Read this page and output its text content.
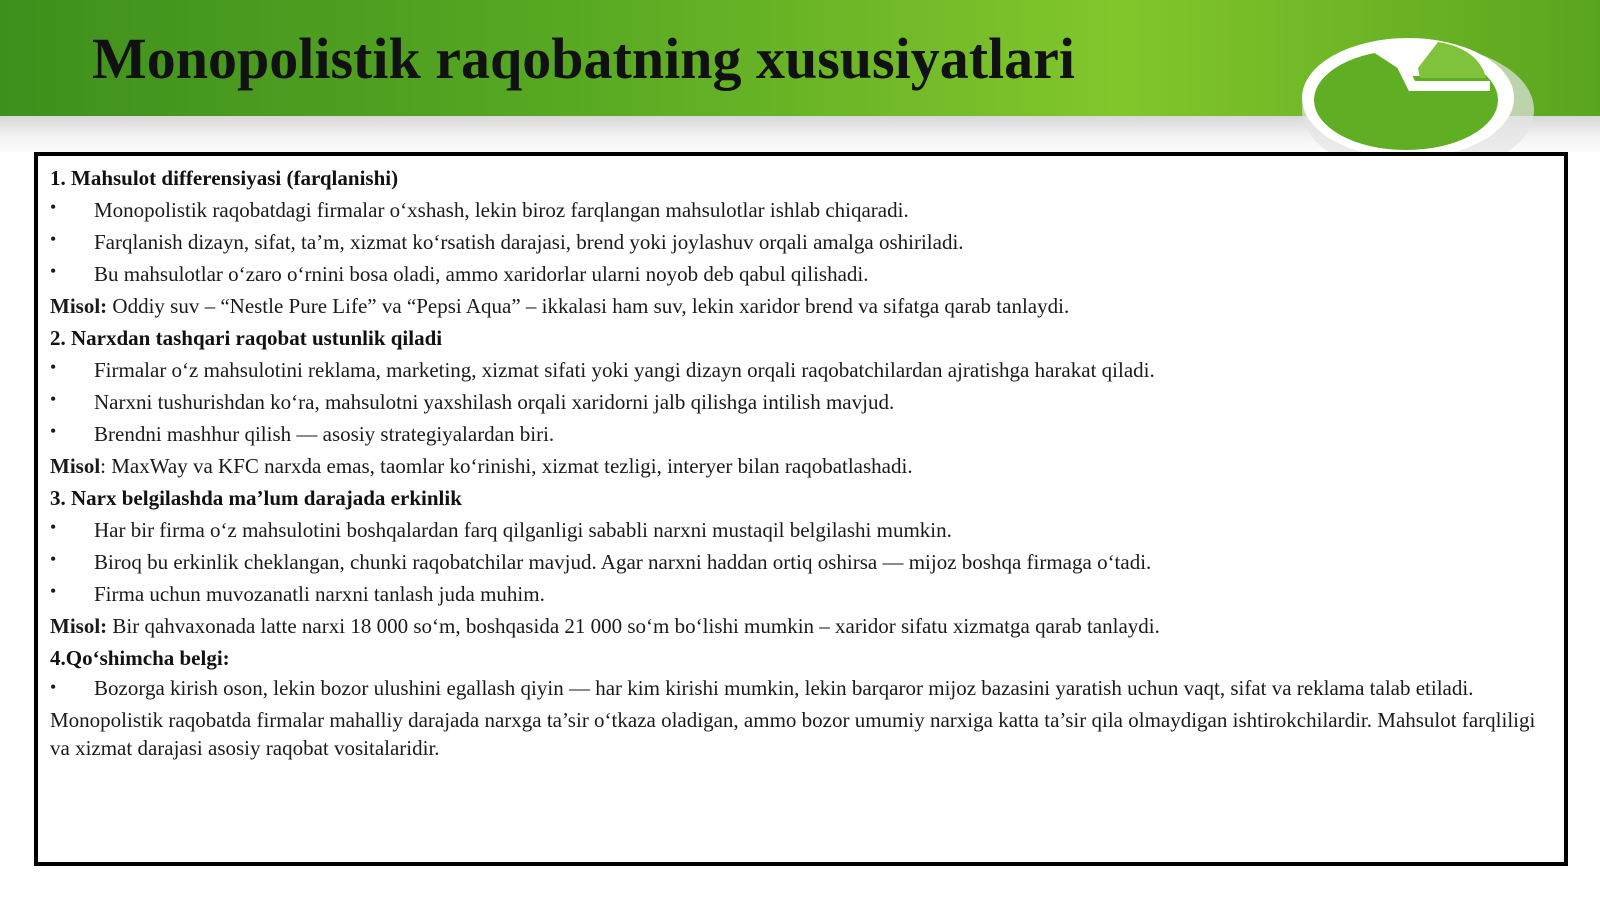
Monopolistik raqobatning xususiyatlari
1. Mahsulot differensiyasi (farqlanishi)
•	Monopolistik raqobatdagi firmalar o‘xshash, lekin biroz farqlangan mahsulotlar ishlab chiqaradi.
•	Farqlanish dizayn, sifat, ta’m, xizmat ko‘rsatish darajasi, brend yoki joylashuv orqali amalga oshiriladi.
•	Bu mahsulotlar o‘zaro o‘rnini bosa oladi, ammo xaridorlar ularni noyob deb qabul qilishadi.
Misol: Oddiy suv – “Nestle Pure Life” va “Pepsi Aqua” – ikkalasi ham suv, lekin xaridor brend va sifatga qarab tanlaydi.
2. Narxdan tashqari raqobat ustunlik qiladi
•	Firmalar o‘z mahsulotini reklama, marketing, xizmat sifati yoki yangi dizayn orqali raqobatchilardan ajratishga harakat qiladi.
•	Narxni tushurishdan ko‘ra, mahsulotni yaxshilash orqali xaridorni jalb qilishga intilish mavjud.
•	Brendni mashhur qilish — asosiy strategiyalardan biri.
Misol: MaxWay va KFC narxda emas, taomlar ko‘rinishi, xizmat tezligi, interyer bilan raqobatlashadi.
3. Narx belgilashda ma’lum darajada erkinlik
•	Har bir firma o‘z mahsulotini boshqalardan farq qilganligi sababli narxni mustaqil belgilashi mumkin.
•	Biroq bu erkinlik cheklangan, chunki raqobatchilar mavjud. Agar narxni haddan ortiq oshirsa — mijoz boshqa firmaga o‘tadi.
•	Firma uchun muvozanatli narxni tanlash juda muhim.
Misol: Bir qahvaxonada latte narxi 18 000 so‘m, boshqasida 21 000 so‘m bo‘lishi mumkin – xaridor sifatu xizmatga qarab tanlaydi.
4.Qo‘shimcha belgi:
•	Bozorga kirish oson, lekin bozor ulushini egallash qiyin — har kim kirishi mumkin, lekin barqaror mijoz bazasini yaratish uchun vaqt, sifat va reklama talab etiladi.
Monopolistik raqobatda firmalar mahalliy darajada narxga ta’sir o‘tkaza oladigan, ammo bozor umumiy narxiga katta ta’sir qila olmaydigan ishtirokchilardir. Mahsulot farqliligi va xizmat darajasi asosiy raqobat vositalaridir.
